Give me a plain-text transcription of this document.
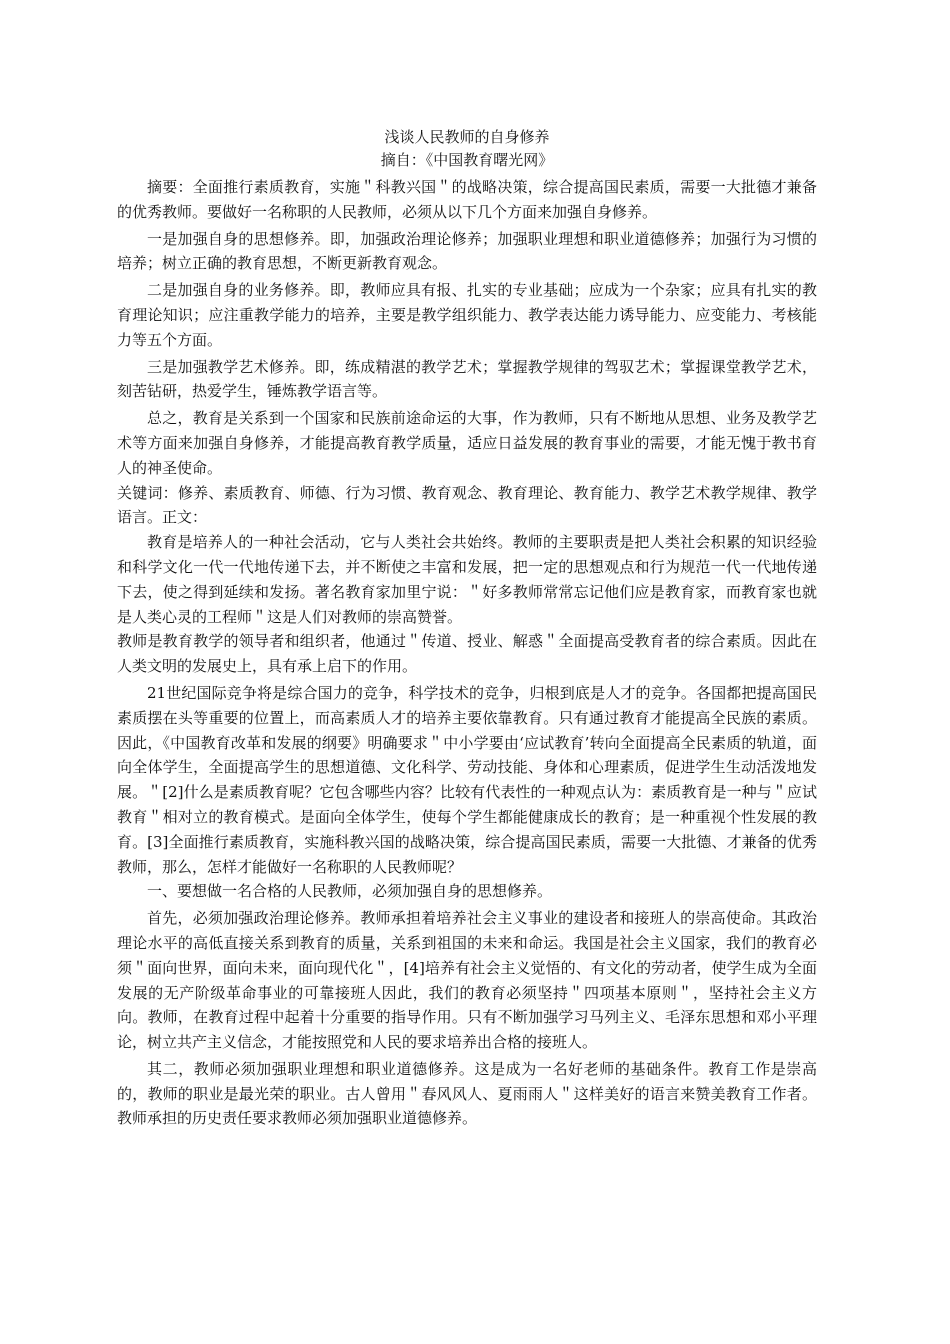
浅谈人民教师的自身修养

摘自：《中国教育曙光网》

摘要：全面推行素质教育，实施＂科教兴国＂的战略决策，综合提高国民素质，需要一大批德才兼备的优秀教师。要做好一名称职的人民教师，必须从以下几个方面来加强自身修养。

一是加强自身的思想修养。即，加强政治理论修养；加强职业理想和职业道德修养；加强行为习惯的培养；树立正确的教育思想，不断更新教育观念。

二是加强自身的业务修养。即，教师应具有报、扎实的专业基础；应成为一个杂家；应具有扎实的教育理论知识；应注重教学能力的培养，主要是教学组织能力、教学表达能力诱导能力、应变能力、考核能力等五个方面。

三是加强教学艺术修养。即，练成精湛的教学艺术；掌握教学规律的驾驭艺术；掌握课堂教学艺术，刻苦钻研，热爱学生，锤炼教学语言等。

总之，教育是关系到一个国家和民族前途命运的大事，作为教师，只有不断地从思想、业务及教学艺术等方面来加强自身修养，才能提高教育教学质量，适应日益发展的教育事业的需要，才能无愧于教书育人的神圣使命。

关键词：修养、素质教育、师德、行为习惯、教育观念、教育理论、教育能力、教学艺术教学规律、教学语言。正文：

教育是培养人的一种社会活动，它与人类社会共始终。教师的主要职责是把人类社会积累的知识经验和科学文化一代一代地传递下去，并不断使之丰富和发展，把一定的思想观点和行为规范一代一代地传递下去，使之得到延续和发扬。著名教育家加里宁说：＂好多教师常常忘记他们应是教育家，而教育家也就是人类心灵的工程师＂这是人们对教师的崇高赞誉。

教师是教育教学的领导者和组织者，他通过＂传道、授业、解惑＂全面提高受教育者的综合素质。因此在人类文明的发展史上，具有承上启下的作用。

21世纪国际竞争将是综合国力的竞争，科学技术的竞争，归根到底是人才的竞争。各国都把提高国民素质摆在头等重要的位置上，而高素质人才的培养主要依靠教育。只有通过教育才能提高全民族的素质。因此，《中国教育改革和发展的纲要》明确要求＂中小学要由‘应试教育’转向全面提高全民素质的轨道，面向全体学生，全面提高学生的思想道德、文化科学、劳动技能、身体和心理素质，促进学生生动活泼地发展。＂[2]什么是素质教育呢？它包含哪些内容？比较有代表性的一种观点认为：素质教育是一种与＂应试教育＂相对立的教育模式。是面向全体学生，使每个学生都能健康成长的教育；是一种重视个性发展的教育。[3]全面推行素质教育，实施科教兴国的战略决策，综合提高国民素质，需要一大批德、才兼备的优秀教师，那么，怎样才能做好一名称职的人民教师呢？

一、要想做一名合格的人民教师，必须加强自身的思想修养。

首先，必须加强政治理论修养。教师承担着培养社会主义事业的建设者和接班人的崇高使命。其政治理论水平的高低直接关系到教育的质量，关系到祖国的未来和命运。我国是社会主义国家，我们的教育必须＂面向世界，面向未来，面向现代化＂，[4]培养有社会主义觉悟的、有文化的劳动者，使学生成为全面发展的无产阶级革命事业的可靠接班人因此，我们的教育必须坚持＂四项基本原则＂，坚持社会主义方向。教师，在教育过程中起着十分重要的指导作用。只有不断加强学习马列主义、毛泽东思想和邓小平理论，树立共产主义信念，才能按照党和人民的要求培养出合格的接班人。

其二，教师必须加强职业理想和职业道德修养。这是成为一名好老师的基础条件。教育工作是崇高的，教师的职业是最光荣的职业。古人曾用＂春风风人、夏雨雨人＂这样美好的语言来赞美教育工作者。教师承担的历史责任要求教师必须加强职业道德修养。
